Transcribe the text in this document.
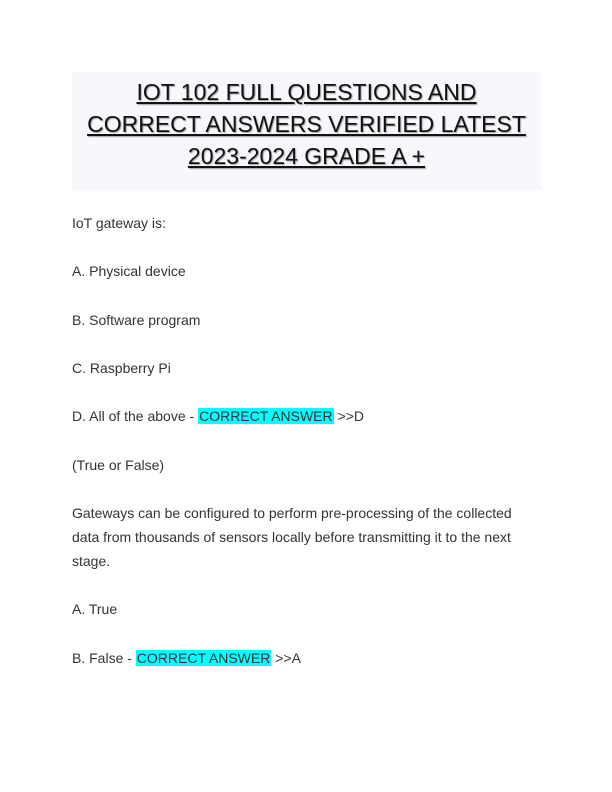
IOT 102 FULL QUESTIONS AND
CORRECT ANSWERS VERIFIED LATEST
2023-2024 GRADE A +

IoT gateway is:

A. Physical device

B. Software program

C. Raspberry Pi

D. All of the above - CORRECT ANSWER >>D

(True or False)

Gateways can be configured to perform pre-processing of the collected
data from thousands of sensors locally before transmitting it to the next
stage.

A. True

B. False - CORRECT ANSWER >>A
